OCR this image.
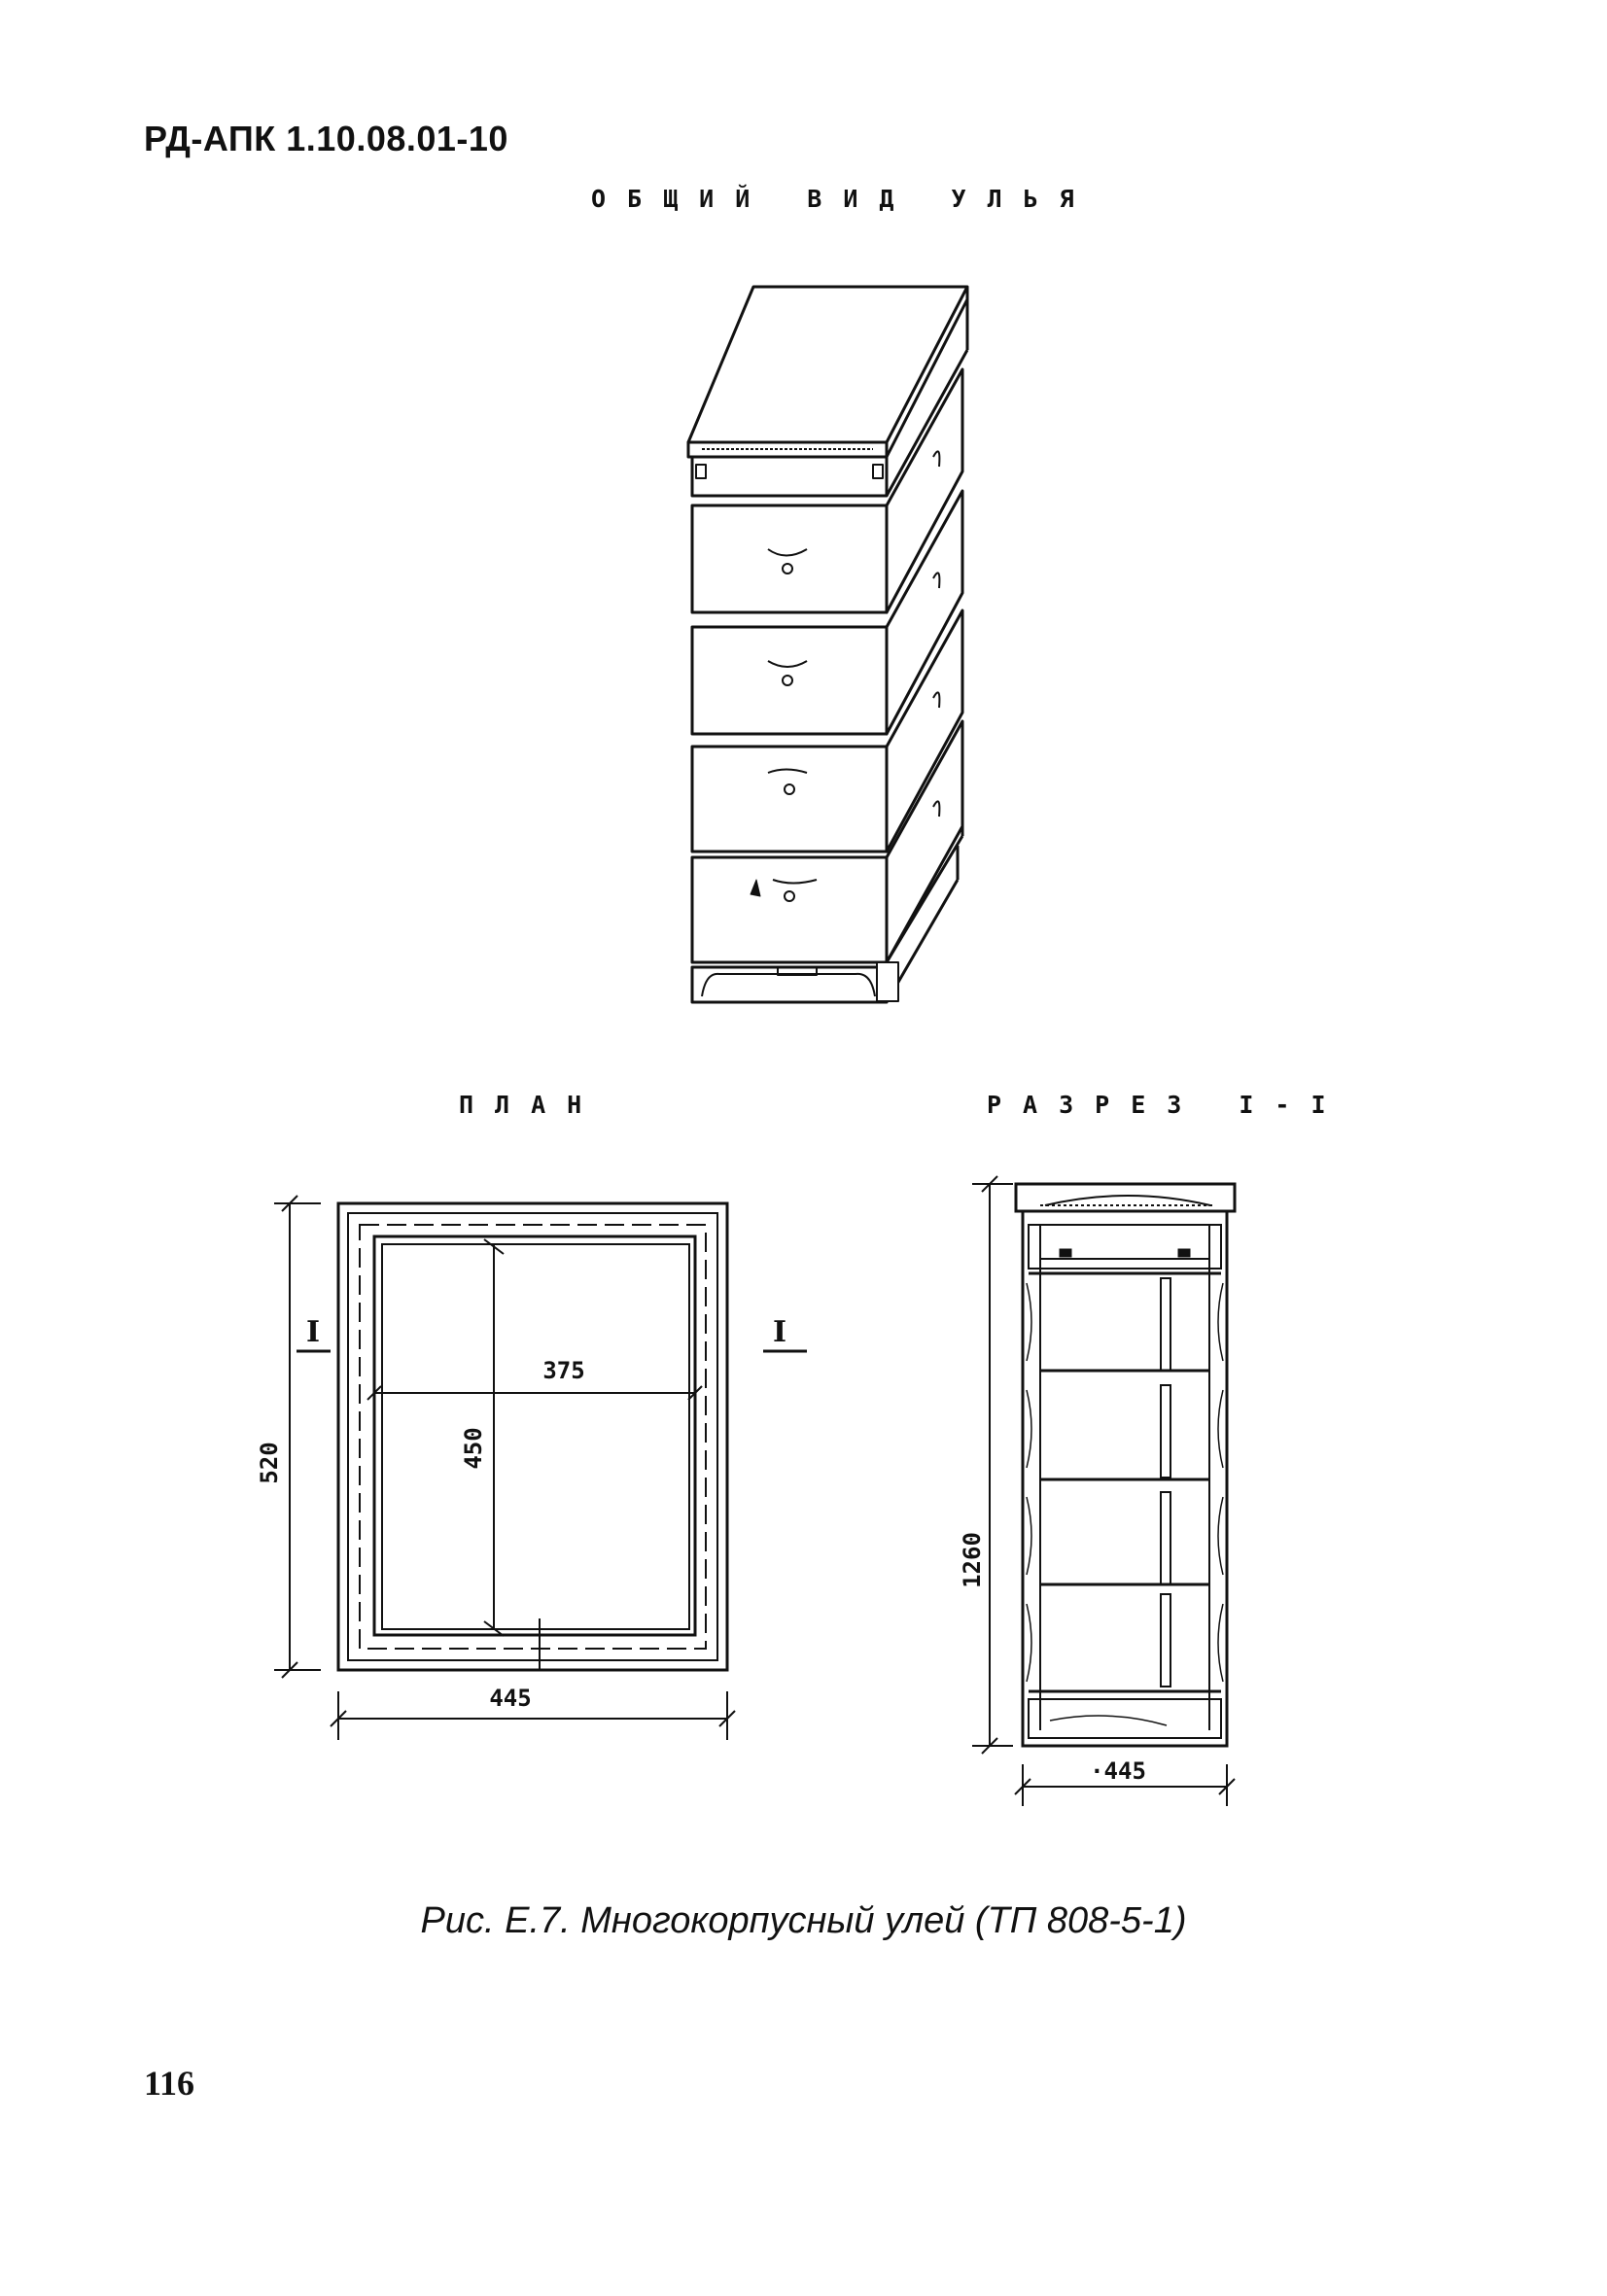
РД-АПК 1.10.08.01-10
ОБЩИЙ ВИД УЛЬЯ
ПЛАН	РАЗРЕЗ I-I
I	I
375
450
520
445
1260
·445
Рис. Е.7. Многокорпусный улей (ТП 808-5-1)
116
